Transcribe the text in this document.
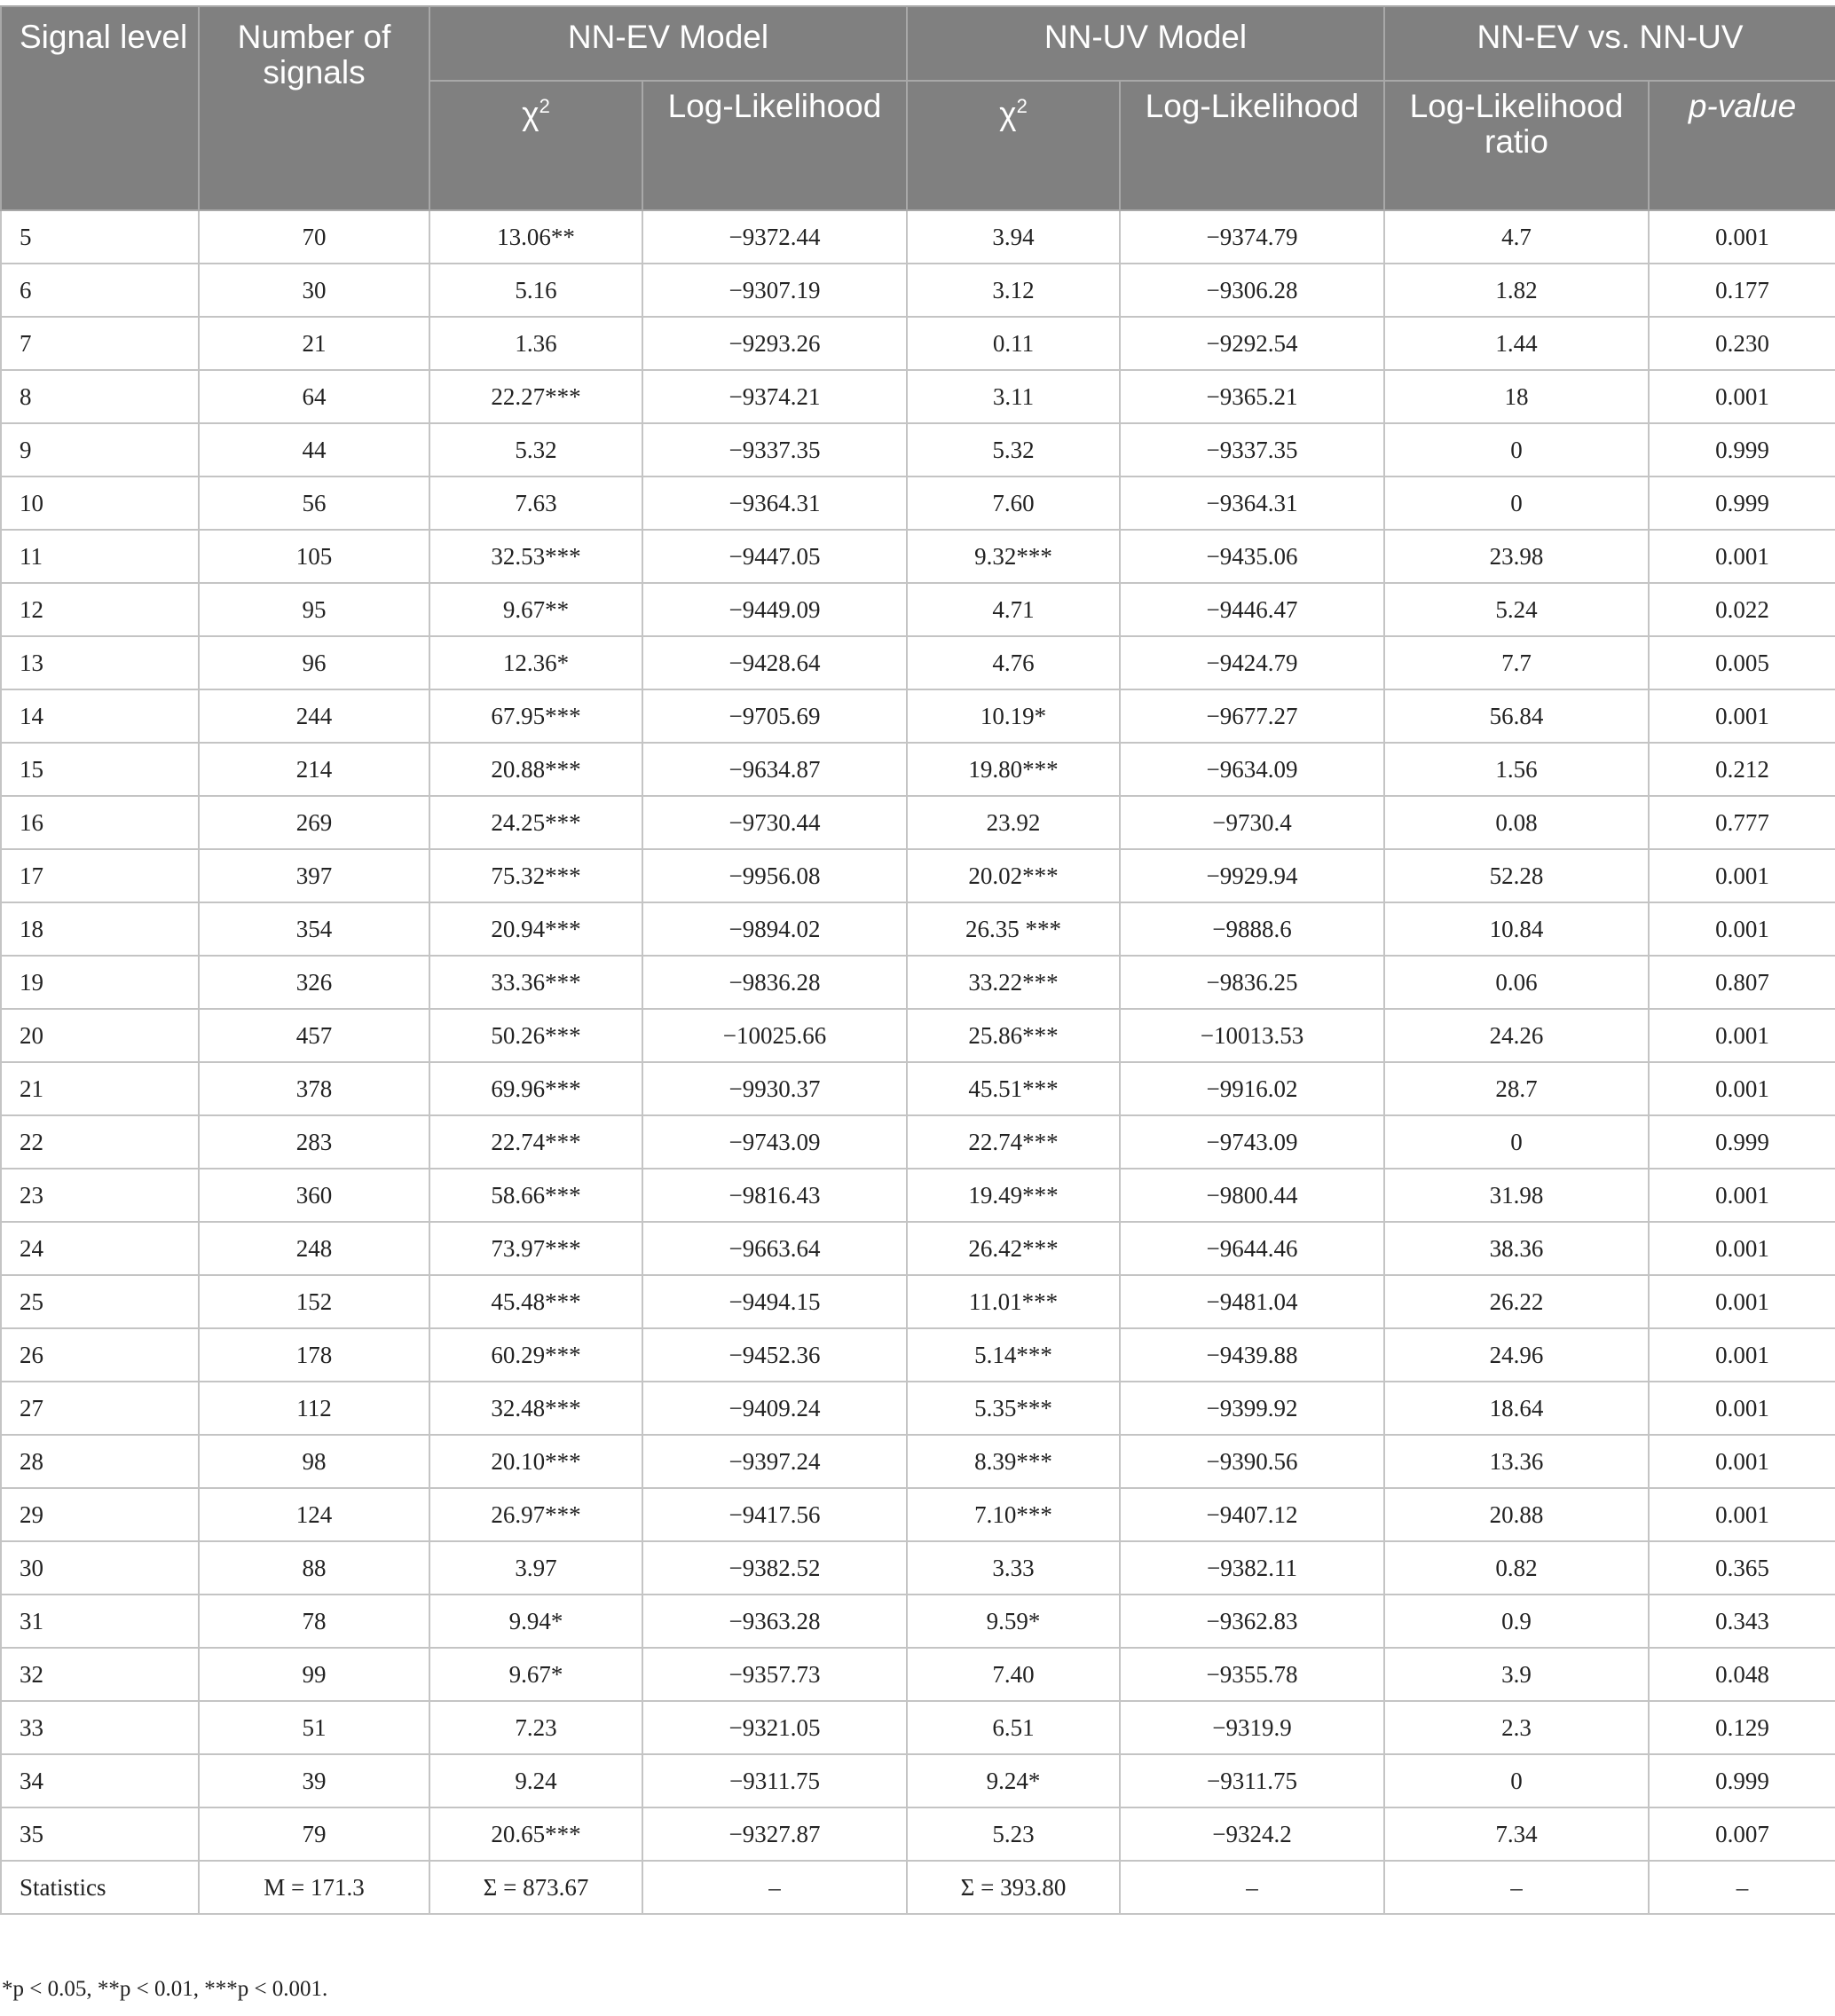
Signal level	Number of signals	NN-EV Model		NN-UV Model		NN-EV vs. NN-UV	
		$\chi^2$	Log-Likelihood	$\chi^2$	Log-Likelihood	Log-Likelihood ratio	p-value
5	70	13.06**	−9372.44	3.94	−9374.79	4.7	0.001
6	30	5.16	−9307.19	3.12	−9306.28	1.82	0.177
7	21	1.36	−9293.26	0.11	−9292.54	1.44	0.230
8	64	22.27***	−9374.21	3.11	−9365.21	18	0.001
9	44	5.32	−9337.35	5.32	−9337.35	0	0.999
10	56	7.63	−9364.31	7.60	−9364.31	0	0.999
11	105	32.53***	−9447.05	9.32***	−9435.06	23.98	0.001
12	95	9.67**	−9449.09	4.71	−9446.47	5.24	0.022
13	96	12.36*	−9428.64	4.76	−9424.79	7.7	0.005
14	244	67.95***	−9705.69	10.19*	−9677.27	56.84	0.001
15	214	20.88***	−9634.87	19.80***	−9634.09	1.56	0.212
16	269	24.25***	−9730.44	23.92	−9730.4	0.08	0.777
17	397	75.32***	−9956.08	20.02***	−9929.94	52.28	0.001
18	354	20.94***	−9894.02	26.35 ***	−9888.6	10.84	0.001
19	326	33.36***	−9836.28	33.22***	−9836.25	0.06	0.807
20	457	50.26***	−10025.66	25.86***	−10013.53	24.26	0.001
21	378	69.96***	−9930.37	45.51***	−9916.02	28.7	0.001
22	283	22.74***	−9743.09	22.74***	−9743.09	0	0.999
23	360	58.66***	−9816.43	19.49***	−9800.44	31.98	0.001
24	248	73.97***	−9663.64	26.42***	−9644.46	38.36	0.001
25	152	45.48***	−9494.15	11.01***	−9481.04	26.22	0.001
26	178	60.29***	−9452.36	5.14***	−9439.88	24.96	0.001
27	112	32.48***	−9409.24	5.35***	−9399.92	18.64	0.001
28	98	20.10***	−9397.24	8.39***	−9390.56	13.36	0.001
29	124	26.97***	−9417.56	7.10***	−9407.12	20.88	0.001
30	88	3.97	−9382.52	3.33	−9382.11	0.82	0.365
31	78	9.94*	−9363.28	9.59*	−9362.83	0.9	0.343
32	99	9.67*	−9357.73	7.40	−9355.78	3.9	0.048
33	51	7.23	−9321.05	6.51	−9319.9	2.3	0.129
34	39	9.24	−9311.75	9.24*	−9311.75	0	0.999
35	79	20.65***	−9327.87	5.23	−9324.2	7.34	0.007
Statistics	M = 171.3	Σ = 873.67	–	Σ = 393.80	–	–	–
*p < 0.05, **p < 0.01, ***p < 0.001.
